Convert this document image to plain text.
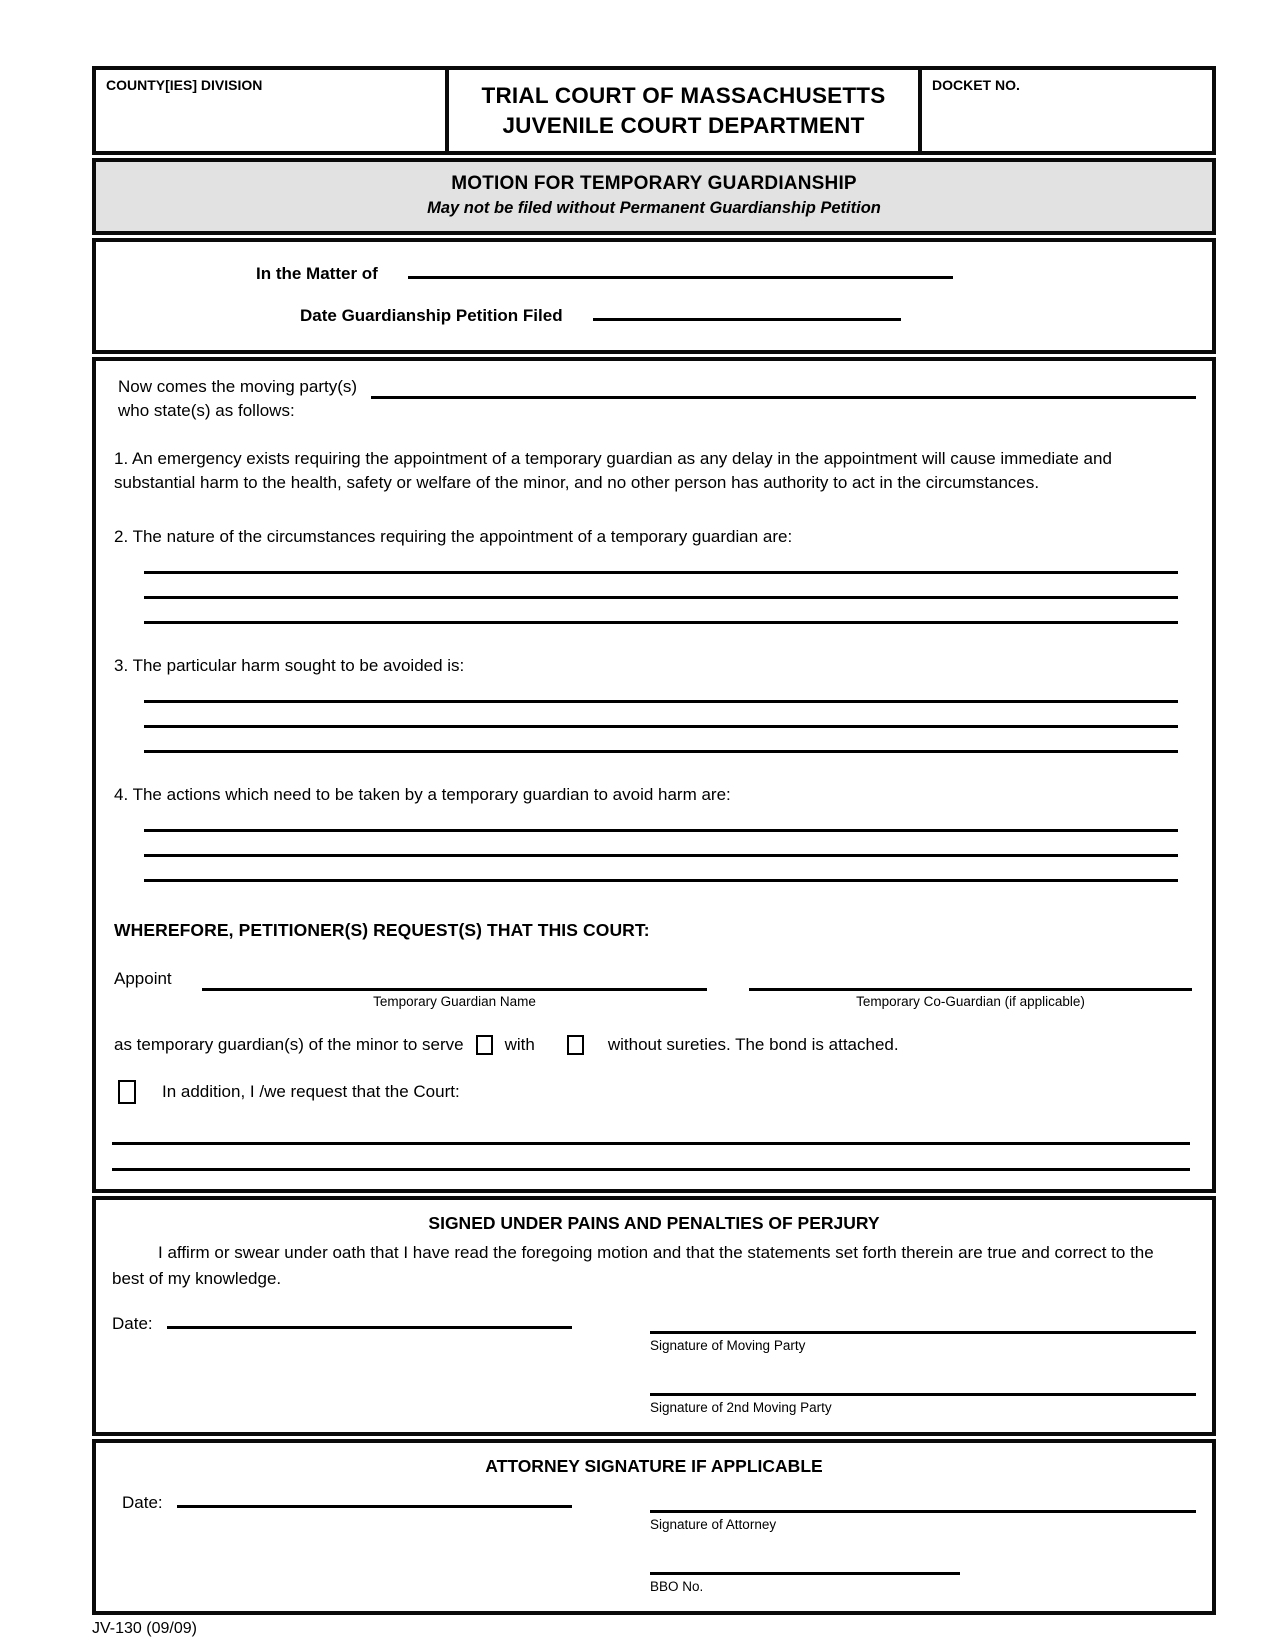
COUNTY[IES] DIVISION	TRIAL COURT OF MASSACHUSETTS
JUVENILE COURT DEPARTMENT
DOCKET NO.
MOTION FOR TEMPORARY GUARDIANSHIP
May not be filed without Permanent Guardianship Petition
In the Matter of
Date Guardianship Petition Filed
Now comes the moving party(s)
who state(s) as follows:
1. An emergency exists requiring the appointment of a temporary guardian as any delay in the appointment will cause immediate and substantial harm to the health, safety or welfare of the minor, and no other person has authority to act in the circumstances.
2. The nature of the circumstances requiring the appointment of a temporary guardian are:
3. The particular harm sought to be avoided is:
4. The actions which need to be taken by a temporary guardian to avoid harm are:
WHEREFORE, PETITIONER(S) REQUEST(S) THAT THIS COURT:
Appoint
Temporary Guardian Name	Temporary Co-Guardian (if applicable)
as temporary guardian(s) of the minor to serve with	without sureties. The bond is attached.
In addition, I /we request that the Court:
SIGNED UNDER PAINS AND PENALTIES OF PERJURY
I affirm or swear under oath that I have read the foregoing motion and that the statements set forth therein are true and correct to the best of my knowledge.
Date:
Signature of Moving Party
Signature of 2nd Moving Party
ATTORNEY SIGNATURE IF APPLICABLE
Date:
Signature of Attorney
BBO No.
JV-130 (09/09)
